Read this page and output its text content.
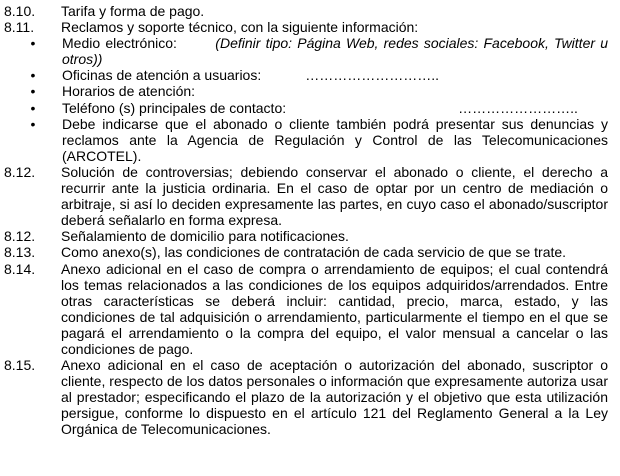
8.10.	Tarifa y forma de pago.
8.11.	Reclamos y soporte técnico, con la siguiente información:
•	Medio electrónico:	(Definir tipo: Página Web, redes sociales: Facebook, Twitter u otros))
•	Oficinas de atención a usuarios:	………………………..
•	Horarios de atención:
•	Teléfono (s) principales de contacto:	……………………..
•	Debe indicarse que el abonado o cliente también podrá presentar sus denuncias y reclamos ante la Agencia de Regulación y Control de las Telecomunicaciones (ARCOTEL).
8.12.	Solución de controversias; debiendo conservar el abonado o cliente, el derecho a recurrir ante la justicia ordinaria. En el caso de optar por un centro de mediación o arbitraje, si así lo deciden expresamente las partes, en cuyo caso el abonado/suscriptor deberá señalarlo en forma expresa.
8.12.	Señalamiento de domicilio para notificaciones.
8.13.	Como anexo(s), las condiciones de contratación de cada servicio de que se trate.
8.14.	Anexo adicional en el caso de compra o arrendamiento de equipos; el cual contendrá los temas relacionados a las condiciones de los equipos adquiridos/arrendados. Entre otras características se deberá incluir: cantidad, precio, marca, estado, y las condiciones de tal adquisición o arrendamiento, particularmente el tiempo en el que se pagará el arrendamiento o la compra del equipo, el valor mensual a cancelar o las condiciones de pago.
8.15.	Anexo adicional en el caso de aceptación o autorización del abonado, suscriptor o cliente, respecto de los datos personales o información que expresamente autoriza usar al prestador; especificando el plazo de la autorización y el objetivo que esta utilización persigue, conforme lo dispuesto en el artículo 121 del Reglamento General a la Ley Orgánica de Telecomunicaciones.
